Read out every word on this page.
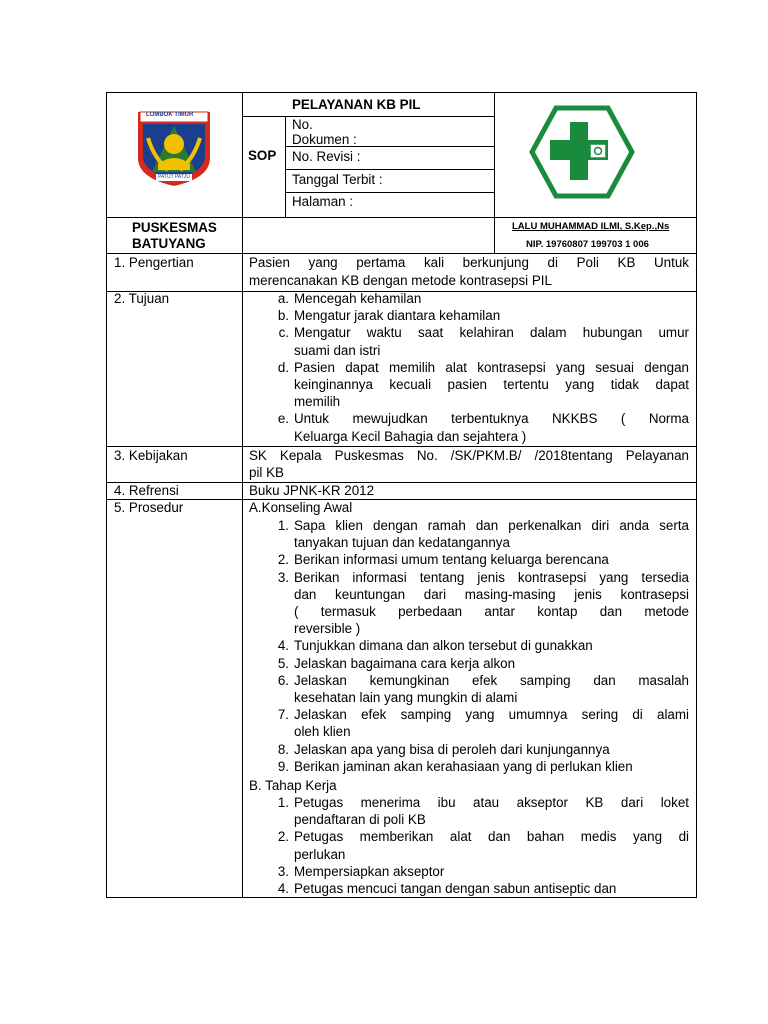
LOMBOK TIMUR
PATUT PATJU
PELAYANAN KB PIL
SOP
No.
Dokumen :
No. Revisi :
Tanggal Terbit :
Halaman :
PUSKESMAS
BATUYANG
LALU MUHAMMAD ILMI, S.Kep.,Ns
NIP. 19760807 199703 1 006
1. Pengertian
2. Tujuan
3. Kebijakan
4. Refrensi
5. Prosedur
Pasien yang pertama kali berkunjung di Poli KB Untuk
merencanakan KB dengan metode kontrasepsi PIL
SK Kepala Puskesmas No. /SK/PKM.B/ /2018tentang Pelayanan
pil KB
Buku JPNK-KR 2012
A.Konseling Awal
B. Tahap Kerja
a. Mencegah kehamilan
b. Mengatur jarak diantara kehamilan
c. Mengatur waktu saat kelahiran dalam hubungan umur
suami dan istri
d. Pasien dapat memilih alat kontrasepsi yang sesuai dengan
keinginannya kecuali pasien tertentu yang tidak dapat
memilih
e. Untuk mewujudkan terbentuknya NKKBS ( Norma
Keluarga Kecil Bahagia dan sejahtera )
1. Sapa klien dengan ramah dan perkenalkan diri anda serta
tanyakan tujuan dan kedatangannya
2. Berikan informasi umum tentang keluarga berencana
3. Berikan informasi tentang jenis kontrasepsi yang tersedia
dan keuntungan dari masing-masing jenis kontrasepsi
( termasuk perbedaan antar kontap dan metode
reversible )
4. Tunjukkan dimana dan alkon tersebut di gunakkan
5. Jelaskan bagaimana cara kerja alkon
6. Jelaskan kemungkinan efek samping dan masalah
kesehatan lain yang mungkin di alami
7. Jelaskan efek samping yang umumnya sering di alami
oleh klien
8. Jelaskan apa yang bisa di peroleh dari kunjungannya
9. Berikan jaminan akan kerahasiaan yang di perlukan klien
1. Petugas menerima ibu atau akseptor KB dari loket
pendaftaran di poli KB
2. Petugas memberikan alat dan bahan medis yang di
perlukan
3. Mempersiapkan akseptor
4. Petugas mencuci tangan dengan sabun antiseptic dan
